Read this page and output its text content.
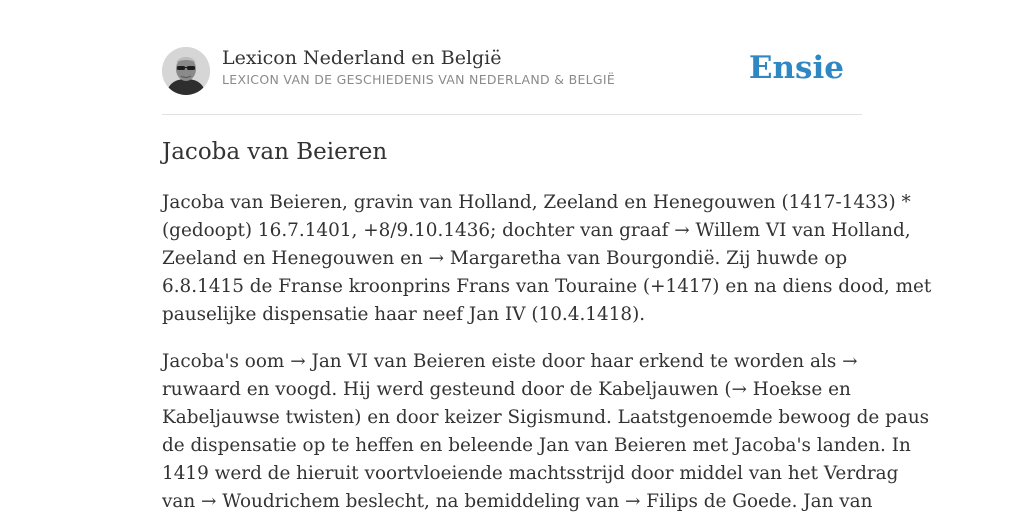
Lexicon Nederland en België
LEXICON VAN DE GESCHIEDENIS VAN NEDERLAND & BELGIË	Ensie
Jacoba van Beieren

Jacoba van Beieren, gravin van Holland, Zeeland en Henegouwen (1417-1433) *
(gedoopt) 16.7.1401, +8/9.10.1436; dochter van graaf → Willem VI van Holland,
Zeeland en Henegouwen en → Margaretha van Bourgondië. Zij huwde op
6.8.1415 de Franse kroonprins Frans van Touraine (+1417) en na diens dood, met
pauselijke dispensatie haar neef Jan IV (10.4.1418).

Jacoba's oom → Jan VI van Beieren eiste door haar erkend te worden als →
ruwaard en voogd. Hij werd gesteund door de Kabeljauwen (→ Hoekse en
Kabeljauwse twisten) en door keizer Sigismund. Laatstgenoemde bewoog de paus
de dispensatie op te heffen en beleende Jan van Beieren met Jacoba's landen. In
1419 werd de hieruit voortvloeiende machtsstrijd door middel van het Verdrag
van → Woudrichem beslecht, na bemiddeling van → Filips de Goede. Jan van
